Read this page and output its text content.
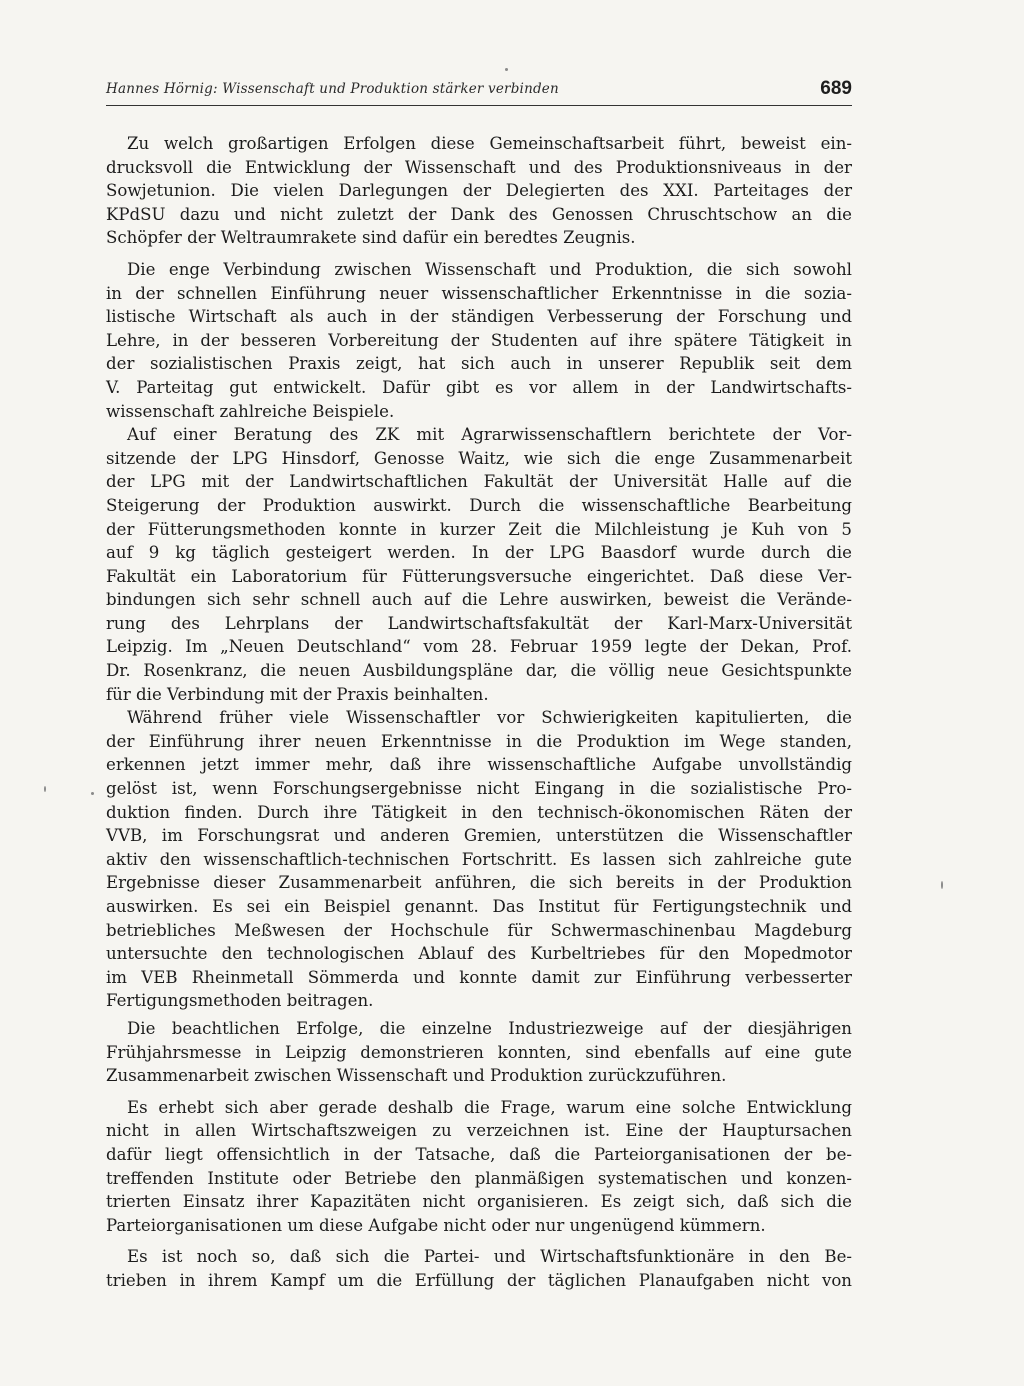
Hannes Hörnig: Wissenschaft und Produktion stärker verbinden	689
Zu welch großartigen Erfolgen diese Gemeinschaftsarbeit führt, beweist ein-
drucksvoll die Entwicklung der Wissenschaft und des Produktionsniveaus in der
Sowjetunion. Die vielen Darlegungen der Delegierten des XXI. Parteitages der
KPdSU dazu und nicht zuletzt der Dank des Genossen Chruschtschow an die
Schöpfer der Weltraumrakete sind dafür ein beredtes Zeugnis.
Die enge Verbindung zwischen Wissenschaft und Produktion, die sich sowohl
in der schnellen Einführung neuer wissenschaftlicher Erkenntnisse in die sozia-
listische Wirtschaft als auch in der ständigen Verbesserung der Forschung und
Lehre, in der besseren Vorbereitung der Studenten auf ihre spätere Tätigkeit in
der sozialistischen Praxis zeigt, hat sich auch in unserer Republik seit dem
V. Parteitag gut entwickelt. Dafür gibt es vor allem in der Landwirtschafts-
wissenschaft zahlreiche Beispiele.
Auf einer Beratung des ZK mit Agrarwissenschaftlern berichtete der Vor-
sitzende der LPG Hinsdorf, Genosse Waitz, wie sich die enge Zusammenarbeit
der LPG mit der Landwirtschaftlichen Fakultät der Universität Halle auf die
Steigerung der Produktion auswirkt. Durch die wissenschaftliche Bearbeitung
der Fütterungsmethoden konnte in kurzer Zeit die Milchleistung je Kuh von 5
auf 9 kg täglich gesteigert werden. In der LPG Baasdorf wurde durch die
Fakultät ein Laboratorium für Fütterungsversuche eingerichtet. Daß diese Ver-
bindungen sich sehr schnell auch auf die Lehre auswirken, beweist die Verände-
rung des Lehrplans der Landwirtschaftsfakultät der Karl-Marx-Universität
Leipzig. Im „Neuen Deutschland“ vom 28. Februar 1959 legte der Dekan, Prof.
Dr. Rosenkranz, die neuen Ausbildungspläne dar, die völlig neue Gesichtspunkte
für die Verbindung mit der Praxis beinhalten.
Während früher viele Wissenschaftler vor Schwierigkeiten kapitulierten, die
der Einführung ihrer neuen Erkenntnisse in die Produktion im Wege standen,
erkennen jetzt immer mehr, daß ihre wissenschaftliche Aufgabe unvollständig
gelöst ist, wenn Forschungsergebnisse nicht Eingang in die sozialistische Pro-
duktion finden. Durch ihre Tätigkeit in den technisch-ökonomischen Räten der
VVB, im Forschungsrat und anderen Gremien, unterstützen die Wissenschaftler
aktiv den wissenschaftlich-technischen Fortschritt. Es lassen sich zahlreiche gute
Ergebnisse dieser Zusammenarbeit anführen, die sich bereits in der Produktion
auswirken. Es sei ein Beispiel genannt. Das Institut für Fertigungstechnik und
betriebliches Meßwesen der Hochschule für Schwermaschinenbau Magdeburg
untersuchte den technologischen Ablauf des Kurbeltriebes für den Mopedmotor
im VEB Rheinmetall Sömmerda und konnte damit zur Einführung verbesserter
Fertigungsmethoden beitragen.
Die beachtlichen Erfolge, die einzelne Industriezweige auf der diesjährigen
Frühjahrsmesse in Leipzig demonstrieren konnten, sind ebenfalls auf eine gute
Zusammenarbeit zwischen Wissenschaft und Produktion zurückzuführen.
Es erhebt sich aber gerade deshalb die Frage, warum eine solche Entwicklung
nicht in allen Wirtschaftszweigen zu verzeichnen ist. Eine der Hauptursachen
dafür liegt offensichtlich in der Tatsache, daß die Parteiorganisationen der be-
treffenden Institute oder Betriebe den planmäßigen systematischen und konzen-
trierten Einsatz ihrer Kapazitäten nicht organisieren. Es zeigt sich, daß sich die
Parteiorganisationen um diese Aufgabe nicht oder nur ungenügend kümmern.
Es ist noch so, daß sich die Partei- und Wirtschaftsfunktionäre in den Be-
trieben in ihrem Kampf um die Erfüllung der täglichen Planaufgaben nicht von
